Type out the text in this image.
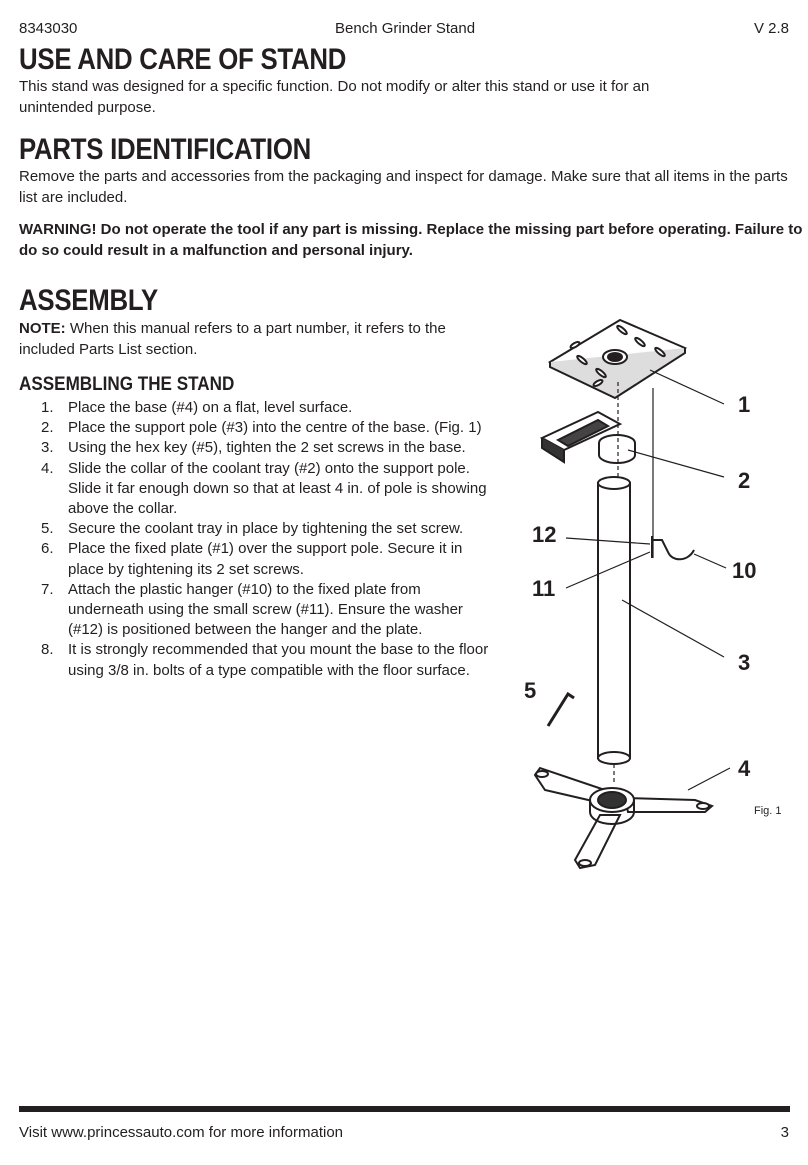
8343030	Bench Grinder Stand	V 2.8
USE AND CARE OF STAND
This stand was designed for a specific function. Do not modify or alter this stand or use it for an
unintended purpose.
PARTS IDENTIFICATION
Remove the parts and accessories from the packaging and inspect for damage. Make sure that all items in the parts
list are included.
WARNING! Do not operate the tool if any part is missing. Replace the missing part before operating. Failure to
do so could result in a malfunction and personal injury.
ASSEMBLY
NOTE: When this manual refers to a part number, it refers to the
included Parts List section.
ASSEMBLING THE STAND
1. Place the base (#4) on a flat, level surface.
2. Place the support pole (#3) into the centre of the base. (Fig. 1)
3. Using the hex key (#5), tighten the 2 set screws in the base.
4. Slide the collar of the coolant tray (#2) onto the support pole.
Slide it far enough down so that at least 4 in. of pole is showing
above the collar.
5. Secure the coolant tray in place by tightening the set screw.
6. Place the fixed plate (#1) over the support pole. Secure it in
place by tightening its 2 set screws.
7. Attach the plastic hanger (#10) to the fixed plate from
underneath using the small screw (#11). Ensure the washer
(#12) is positioned between the hanger and the plate.
8. It is strongly recommended that you mount the base to the floor
using 3/8 in. bolts of a type compatible with the floor surface.
1
2
12
11
10
3
5
4
Fig. 1
Visit www.princessauto.com for more information	3
